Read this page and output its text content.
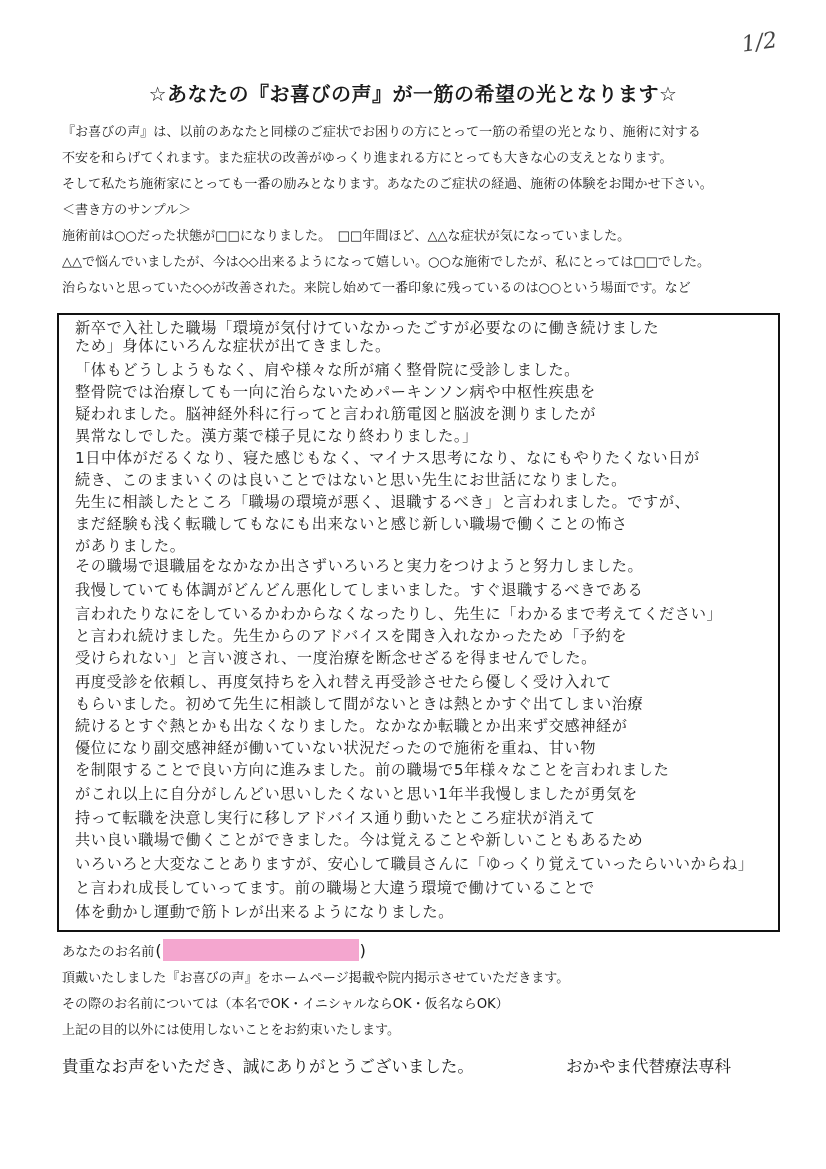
1/2
☆あなたの『お喜びの声』が一筋の希望の光となります☆
『お喜びの声』は、以前のあなたと同様のご症状でお困りの方にとって一筋の希望の光となり、施術に対する
不安を和らげてくれます。また症状の改善がゆっくり進まれる方にとっても大きな心の支えとなります。
そして私たち施術家にとっても一番の励みとなります。あなたのご症状の経過、施術の体験をお聞かせ下さい。
＜書き方のサンプル＞
施術前は○○だった状態が□□になりました。　□□年間ほど、△△な症状が気になっていました。
△△で悩んでいましたが、今は◇◇出来るようになって嬉しい。○○な施術でしたが、私にとっては□□でした。
治らないと思っていた◇◇が改善された。来院し始めて一番印象に残っているのは○○という場面です。など
新卒で入社した職場「環境が気付けていなかったごすが必要なのに働き続けました
ため」身体にいろんな症状が出てきました。
「体もどうしようもなく、肩や様々な所が痛く整骨院に受診しました。
整骨院では治療しても一向に治らないためパーキンソン病や中枢性疾患を
疑われました。脳神経外科に行ってと言われ筋電図と脳波を測りましたが
異常なしでした。漢方薬で様子見になり終わりました。」
1日中体がだるくなり、寝た感じもなく、マイナス思考になり、なにもやりたくない日が
続き、このままいくのは良いことではないと思い先生にお世話になりました。
先生に相談したところ「職場の環境が悪く、退職するべき」と言われました。ですが、
まだ経験も浅く転職してもなにも出来ないと感じ新しい職場で働くことの怖さ
がありました。
その職場で退職届をなかなか出さずいろいろと実力をつけようと努力しました。
我慢していても体調がどんどん悪化してしまいました。すぐ退職するべきである
言われたりなにをしているかわからなくなったりし、先生に「わかるまで考えてください」
と言われ続けました。先生からのアドバイスを聞き入れなかったため「予約を
受けられない」と言い渡され、一度治療を断念せざるを得ませんでした。
再度受診を依頼し、再度気持ちを入れ替え再受診させたら優しく受け入れて
もらいました。初めて先生に相談して間がないときは熱とかすぐ出てしまい治療
続けるとすぐ熱とかも出なくなりました。なかなか転職とか出来ず交感神経が
優位になり副交感神経が働いていない状況だったので施術を重ね、甘い物
を制限することで良い方向に進みました。前の職場で5年様々なことを言われました
がこれ以上に自分がしんどい思いしたくないと思い1年半我慢しましたが勇気を
持って転職を決意し実行に移しアドバイス通り動いたところ症状が消えて
共い良い職場で働くことができました。今は覚えることや新しいこともあるため
いろいろと大変なことありますが、安心して職員さんに「ゆっくり覚えていったらいいからね」
と言われ成長していってます。前の職場と大違う環境で働けていることで
体を動かし運動で筋トレが出来るようになりました。
あなたのお名前 (	)
頂戴いたしました『お喜びの声』をホームページ掲載や院内掲示させていただきます。
その際のお名前については（本名でOK・イニシャルならOK・仮名ならOK）
上記の目的以外には使用しないことをお約束いたします。
貴重なお声をいただき、誠にありがとうございました。	おかやま代替療法専科
